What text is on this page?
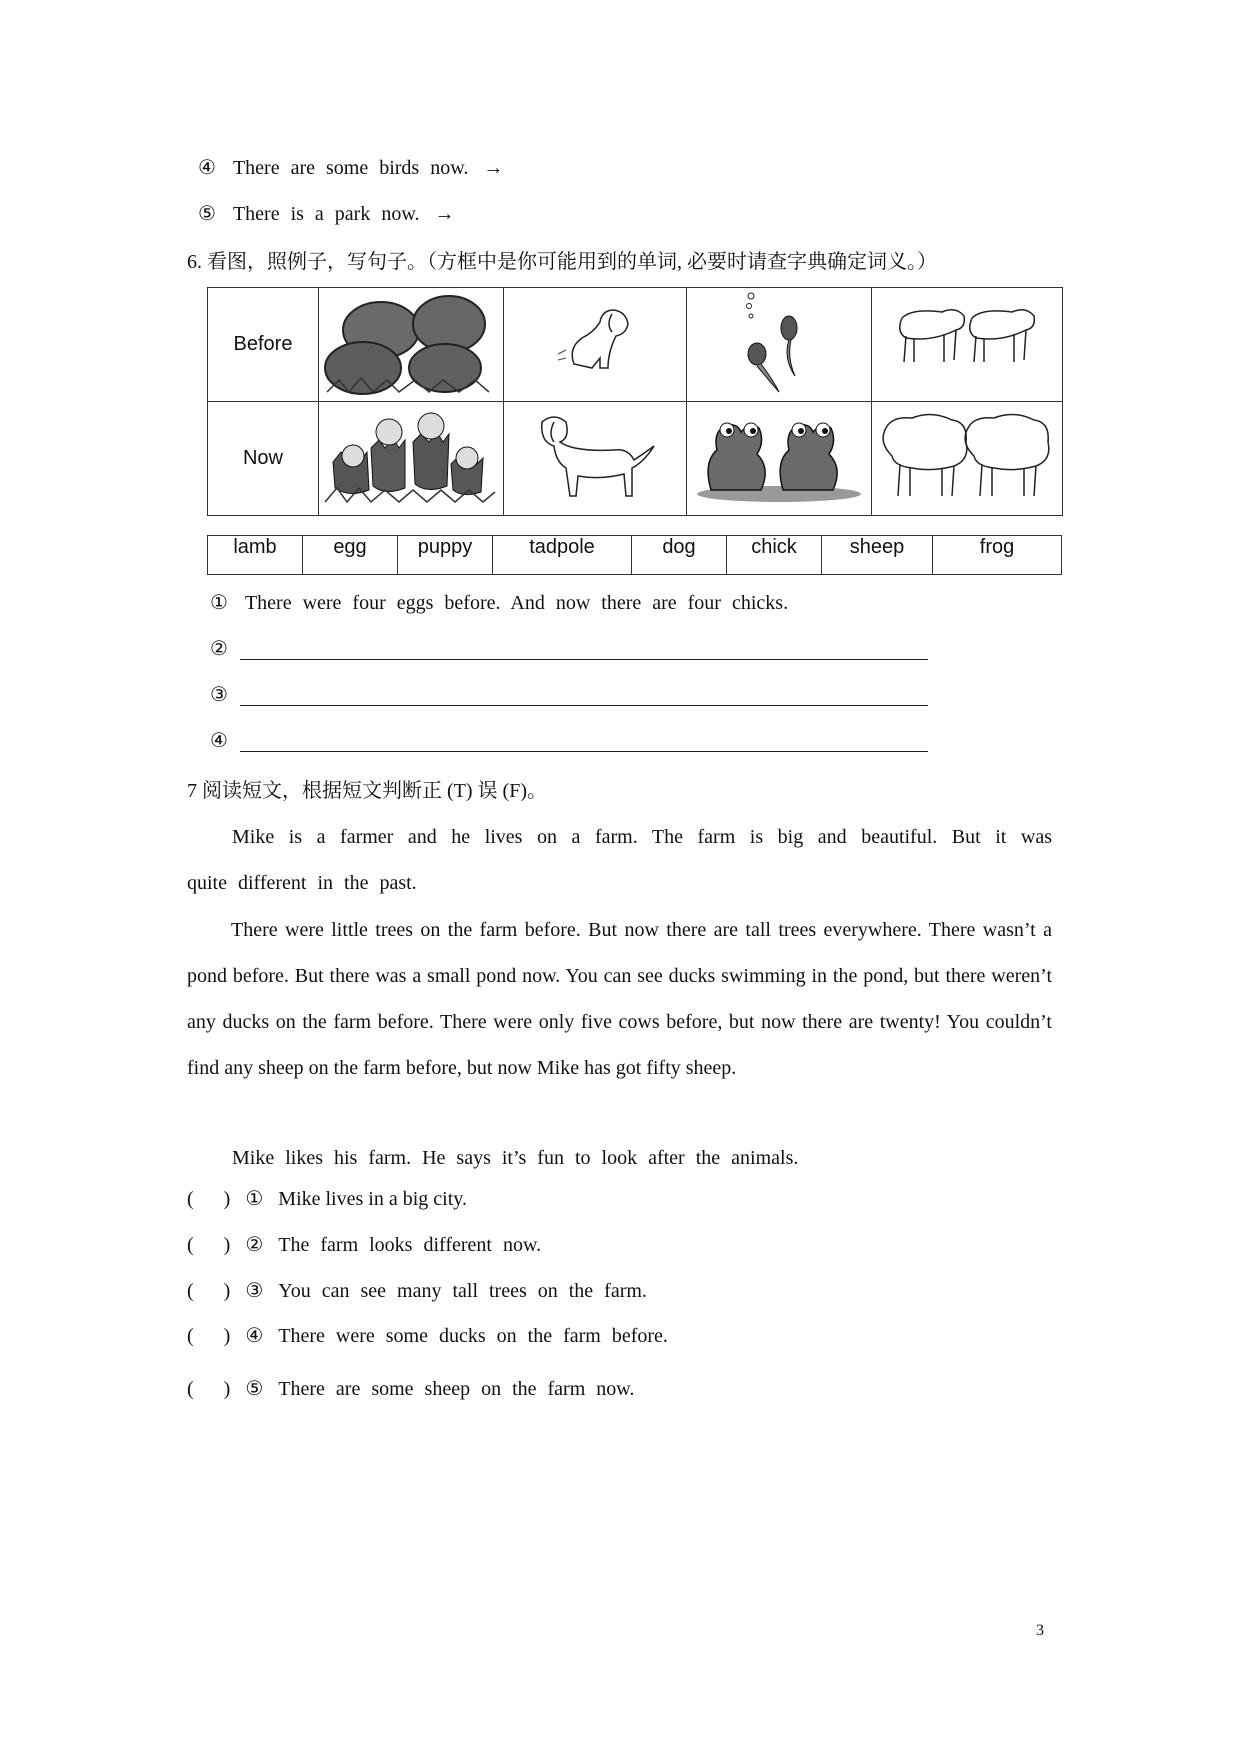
④ There are some birds now. →
⑤ There is a park now. →
6. 看图，照例子，写句子。（方框中是你可能用到的单词, 必要时请查字典确定词义。）
Before				
Now				
lamb	egg	puppy	tadpole	dog	chick	sheep	frog
① There were four eggs before. And now there are four chicks.
②
③
④
7 阅读短文，根据短文判断正 (T) 误 (F)。
Mike is a farmer and he lives on a farm. The farm is big and beautiful. But it was
quite different in the past.
There were little trees on the farm before. But now there are tall trees everywhere. There wasn’t a pond before. But there was a small pond now. You can see ducks swimming in the pond, but there weren’t any ducks on the farm before. There were only five cows before, but now there are twenty! You couldn’t find any sheep on the farm before, but now Mike has got fifty sheep.
Mike likes his farm. He says it’s fun to look after the animals.
( ) ① Mike lives in a big city.
( ) ② The farm looks different now.
( ) ③ You can see many tall trees on the farm.
( ) ④ There were some ducks on the farm before.
( ) ⑤ There are some sheep on the farm now.
3
